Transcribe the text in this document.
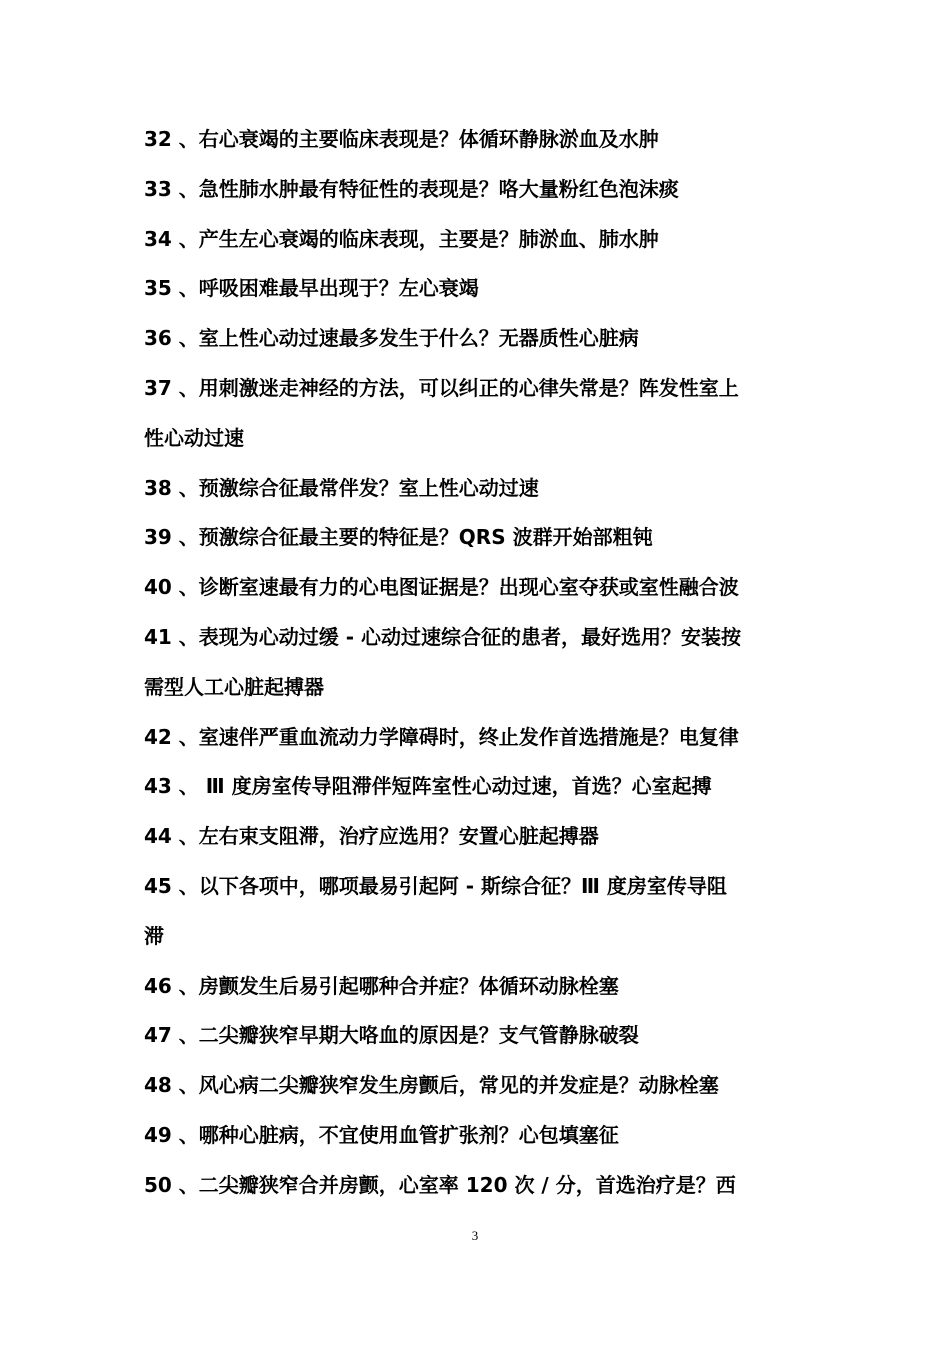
32 、右心衰竭的主要临床表现是？体循环静脉淤血及水肿
33 、急性肺水肿最有特征性的表现是？咯大量粉红色泡沫痰
34 、产生左心衰竭的临床表现，主要是？肺淤血、肺水肿
35 、呼吸困难最早出现于？左心衰竭
36 、室上性心动过速最多发生于什么？无器质性心脏病
37 、用刺激迷走神经的方法，可以纠正的心律失常是？阵发性室上
性心动过速
38 、预激综合征最常伴发？室上性心动过速
39 、预激综合征最主要的特征是？QRS 波群开始部粗钝
40 、诊断室速最有力的心电图证据是？出现心室夺获或室性融合波
41 、表现为心动过缓 - 心动过速综合征的患者，最好选用？安装按
需型人工心脏起搏器
42 、室速伴严重血流动力学障碍时，终止发作首选措施是？电复律
43 、 Ⅲ 度房室传导阻滞伴短阵室性心动过速，首选？心室起搏
44 、左右束支阻滞，治疗应选用？安置心脏起搏器
45 、以下各项中，哪项最易引起阿 - 斯综合征？Ⅲ 度房室传导阻
滞
46 、房颤发生后易引起哪种合并症？体循环动脉栓塞
47 、二尖瓣狭窄早期大咯血的原因是？支气管静脉破裂
48 、风心病二尖瓣狭窄发生房颤后，常见的并发症是？动脉栓塞
49 、哪种心脏病，不宜使用血管扩张剂？心包填塞征
50 、二尖瓣狭窄合并房颤，心室率 120 次 / 分，首选治疗是？西
3
